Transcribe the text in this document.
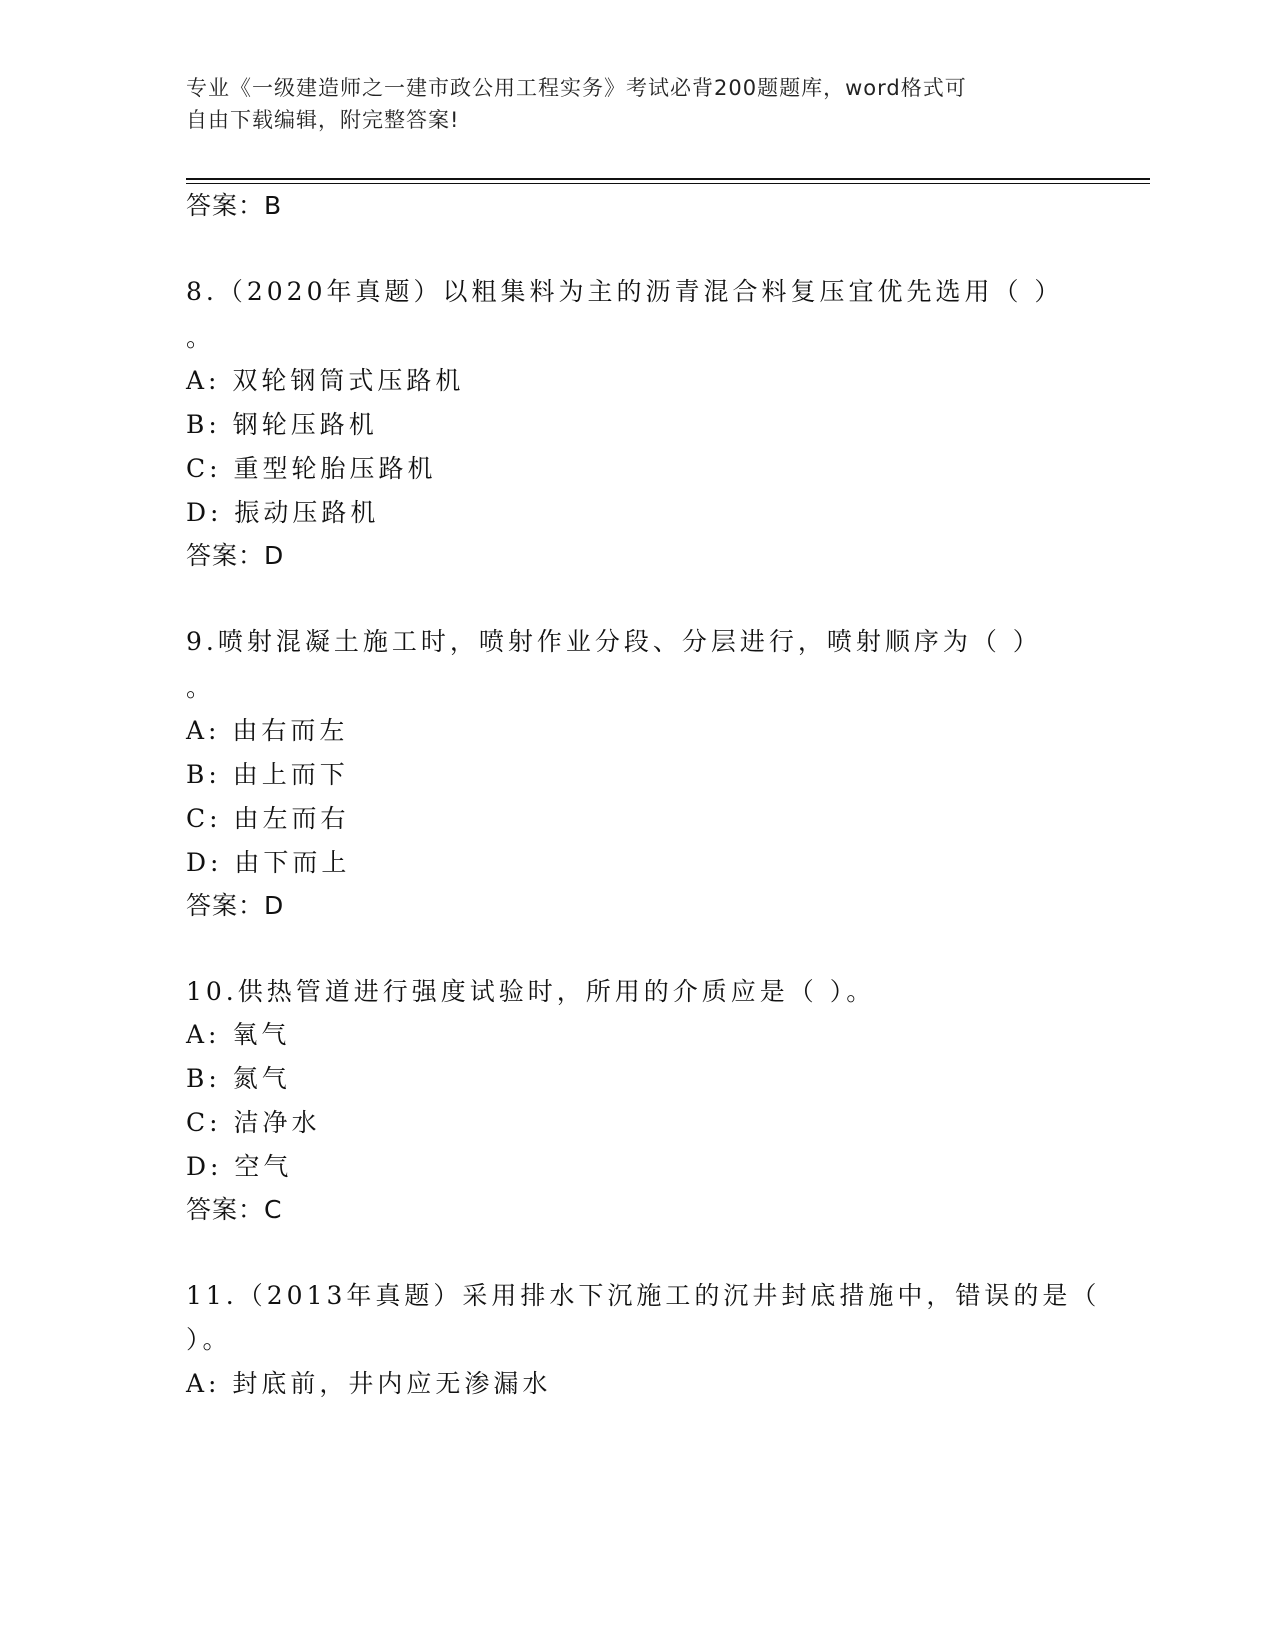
专业《一级建造师之一建市政公用工程实务》考试必背200题题库，word格式可
自由下载编辑，附完整答案!
答案：B
8.（2020年真题）以粗集料为主的沥青混合料复压宜优先选用（ ）
。
A: 双轮钢筒式压路机
B: 钢轮压路机
C: 重型轮胎压路机
D: 振动压路机
答案：D
9.喷射混凝土施工时，喷射作业分段、分层进行，喷射顺序为（ ）
。
A: 由右而左
B: 由上而下
C: 由左而右
D: 由下而上
答案：D
10.供热管道进行强度试验时，所用的介质应是（ ）。
A: 氧气
B: 氮气
C: 洁净水
D: 空气
答案：C
11.（2013年真题）采用排水下沉施工的沉井封底措施中，错误的是（
）。
A: 封底前，井内应无渗漏水
